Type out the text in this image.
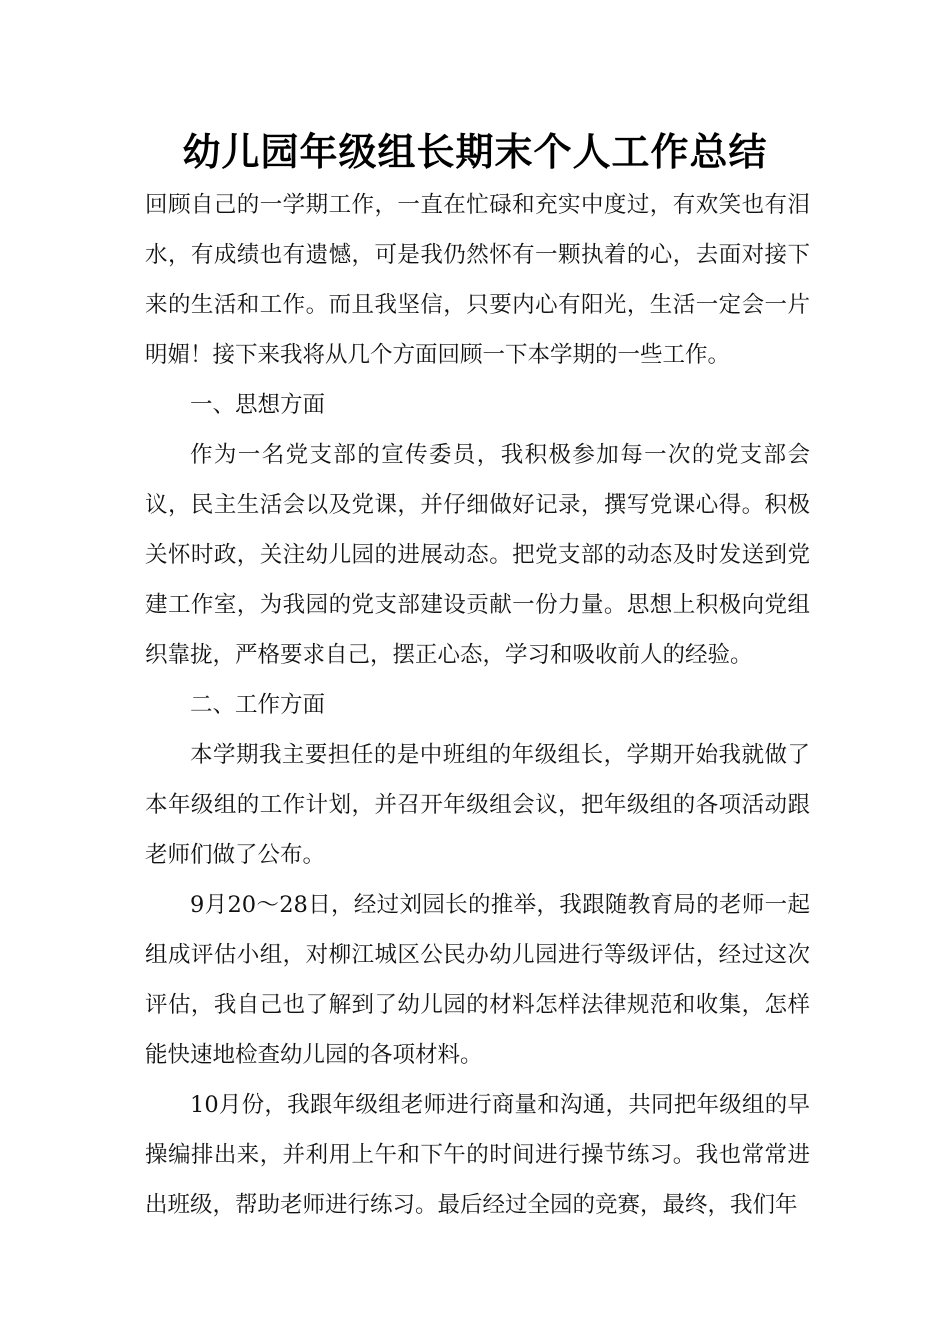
幼儿园年级组长期末个人工作总结

回顾自己的一学期工作，一直在忙碌和充实中度过，有欢笑也有泪水，有成绩也有遗憾，可是我仍然怀有一颗执着的心，去面对接下来的生活和工作。而且我坚信，只要内心有阳光，生活一定会一片明媚！接下来我将从几个方面回顾一下本学期的一些工作。

一、思想方面

作为一名党支部的宣传委员，我积极参加每一次的党支部会议，民主生活会以及党课，并仔细做好记录，撰写党课心得。积极关怀时政，关注幼儿园的进展动态。把党支部的动态及时发送到党建工作室，为我园的党支部建设贡献一份力量。思想上积极向党组织靠拢，严格要求自己，摆正心态，学习和吸收前人的经验。

二、工作方面

本学期我主要担任的是中班组的年级组长，学期开始我就做了本年级组的工作计划，并召开年级组会议，把年级组的各项活动跟老师们做了公布。

9月20～28日，经过刘园长的推举，我跟随教育局的老师一起组成评估小组，对柳江城区公民办幼儿园进行等级评估，经过这次评估，我自己也了解到了幼儿园的材料怎样法律规范和收集，怎样能快速地检查幼儿园的各项材料。

10月份，我跟年级组老师进行商量和沟通，共同把年级组的早操编排出来，并利用上午和下午的时间进行操节练习。我也常常进出班级，帮助老师进行练习。最后经过全园的竞赛，最终，我们年
